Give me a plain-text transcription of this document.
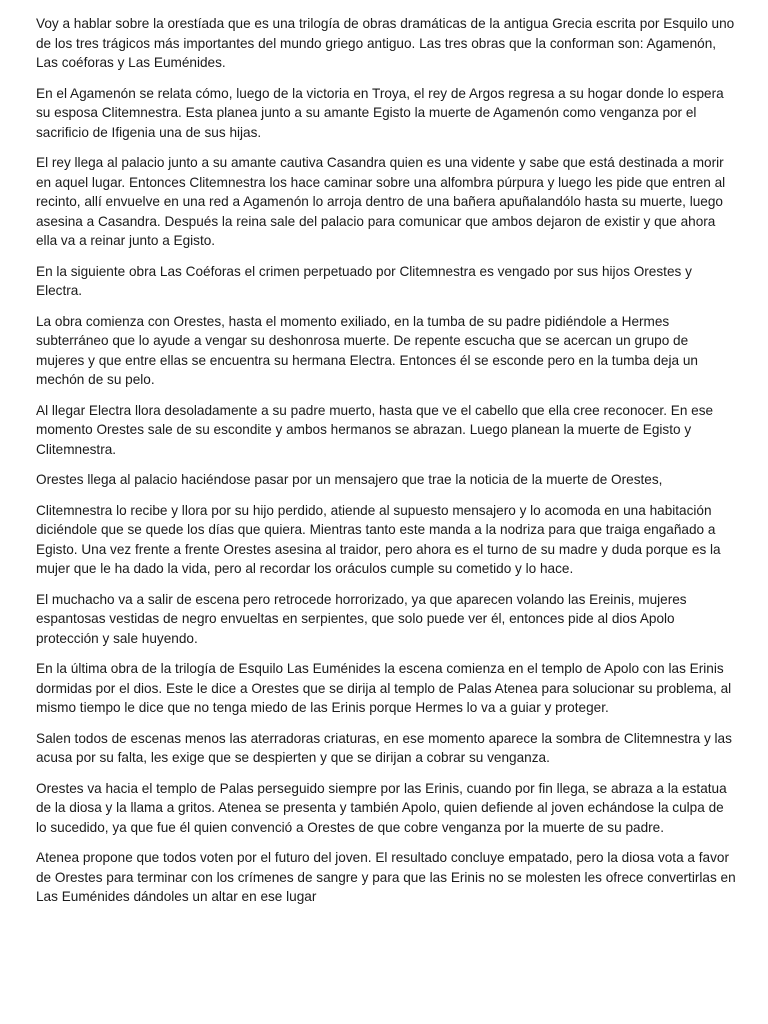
Voy a hablar sobre la orestíada que es una trilogía de obras dramáticas de la antigua Grecia escrita por Esquilo uno de los tres trágicos más importantes del mundo griego antiguo. Las tres obras que la conforman son: Agamenón, Las coéforas y Las Euménides.

En el Agamenón se relata cómo, luego de la victoria en Troya, el rey de Argos regresa a su hogar donde lo espera su esposa Clitemnestra. Esta planea junto a su amante Egisto la muerte de Agamenón como venganza por el sacrificio de Ifigenia una de sus hijas.

El rey llega al palacio junto a su amante cautiva Casandra quien es una vidente y sabe que está destinada a morir en aquel lugar. Entonces Clitemnestra los hace caminar sobre una alfombra púrpura y luego les pide que entren al recinto, allí envuelve en una red a Agamenón lo arroja dentro de una bañera apuñalandólo hasta su muerte, luego asesina a Casandra. Después la reina sale del palacio para comunicar que ambos dejaron de existir y que ahora ella va a reinar junto a Egisto.

En la siguiente obra Las Coéforas el crimen perpetuado por Clitemnestra es vengado por sus hijos Orestes y Electra.

La obra comienza con Orestes, hasta el momento exiliado, en la tumba de su padre pidiéndole a Hermes subterráneo que lo ayude a vengar su deshonrosa muerte. De repente escucha que se acercan un grupo de mujeres y que entre ellas se encuentra su hermana Electra. Entonces él se esconde pero en la tumba deja un mechón de su pelo.

Al llegar Electra llora desoladamente a su padre muerto, hasta que ve el cabello que ella cree reconocer. En ese momento Orestes sale de su escondite y ambos hermanos se abrazan. Luego planean la muerte de Egisto y Clitemnestra.

Orestes llega al palacio haciéndose pasar por un mensajero que trae la noticia de la muerte de Orestes,

Clitemnestra lo recibe y llora por su hijo perdido, atiende al supuesto mensajero y lo acomoda en una habitación diciéndole que se quede los días que quiera. Mientras tanto este manda a la nodriza para que traiga engañado a Egisto. Una vez frente a frente Orestes asesina al traidor, pero ahora es el turno de su madre y duda porque es la mujer que le ha dado la vida, pero al recordar los oráculos cumple su cometido y lo hace.

El muchacho va a salir de escena pero retrocede horrorizado, ya que aparecen volando las Ereinis, mujeres espantosas vestidas de negro envueltas en serpientes, que solo puede ver él, entonces pide al dios Apolo protección y sale huyendo.

En la última obra de la trilogía de Esquilo Las Euménides la escena comienza en el templo de Apolo con las Erinis dormidas por el dios. Este le dice a Orestes que se dirija al templo de Palas Atenea para solucionar su problema, al mismo tiempo le dice que no tenga miedo de las Erinis porque Hermes lo va a guiar y proteger.

Salen todos de escenas menos las aterradoras criaturas, en ese momento aparece la sombra de Clitemnestra y las acusa por su falta, les exige que se despierten y que se dirijan a cobrar su venganza.

Orestes va hacia el templo de Palas perseguido siempre por las Erinis, cuando por fin llega, se abraza a la estatua de la diosa y la llama a gritos. Atenea se presenta y también Apolo, quien defiende al joven echándose la culpa de lo sucedido, ya que fue él quien convenció a Orestes de que cobre venganza por la muerte de su padre.

Atenea propone que todos voten por el futuro del joven. El resultado concluye empatado, pero la diosa vota a favor de Orestes para terminar con los crímenes de sangre y para que las Erinis no se molesten les ofrece convertirlas en Las Euménides dándoles un altar en ese lugar
